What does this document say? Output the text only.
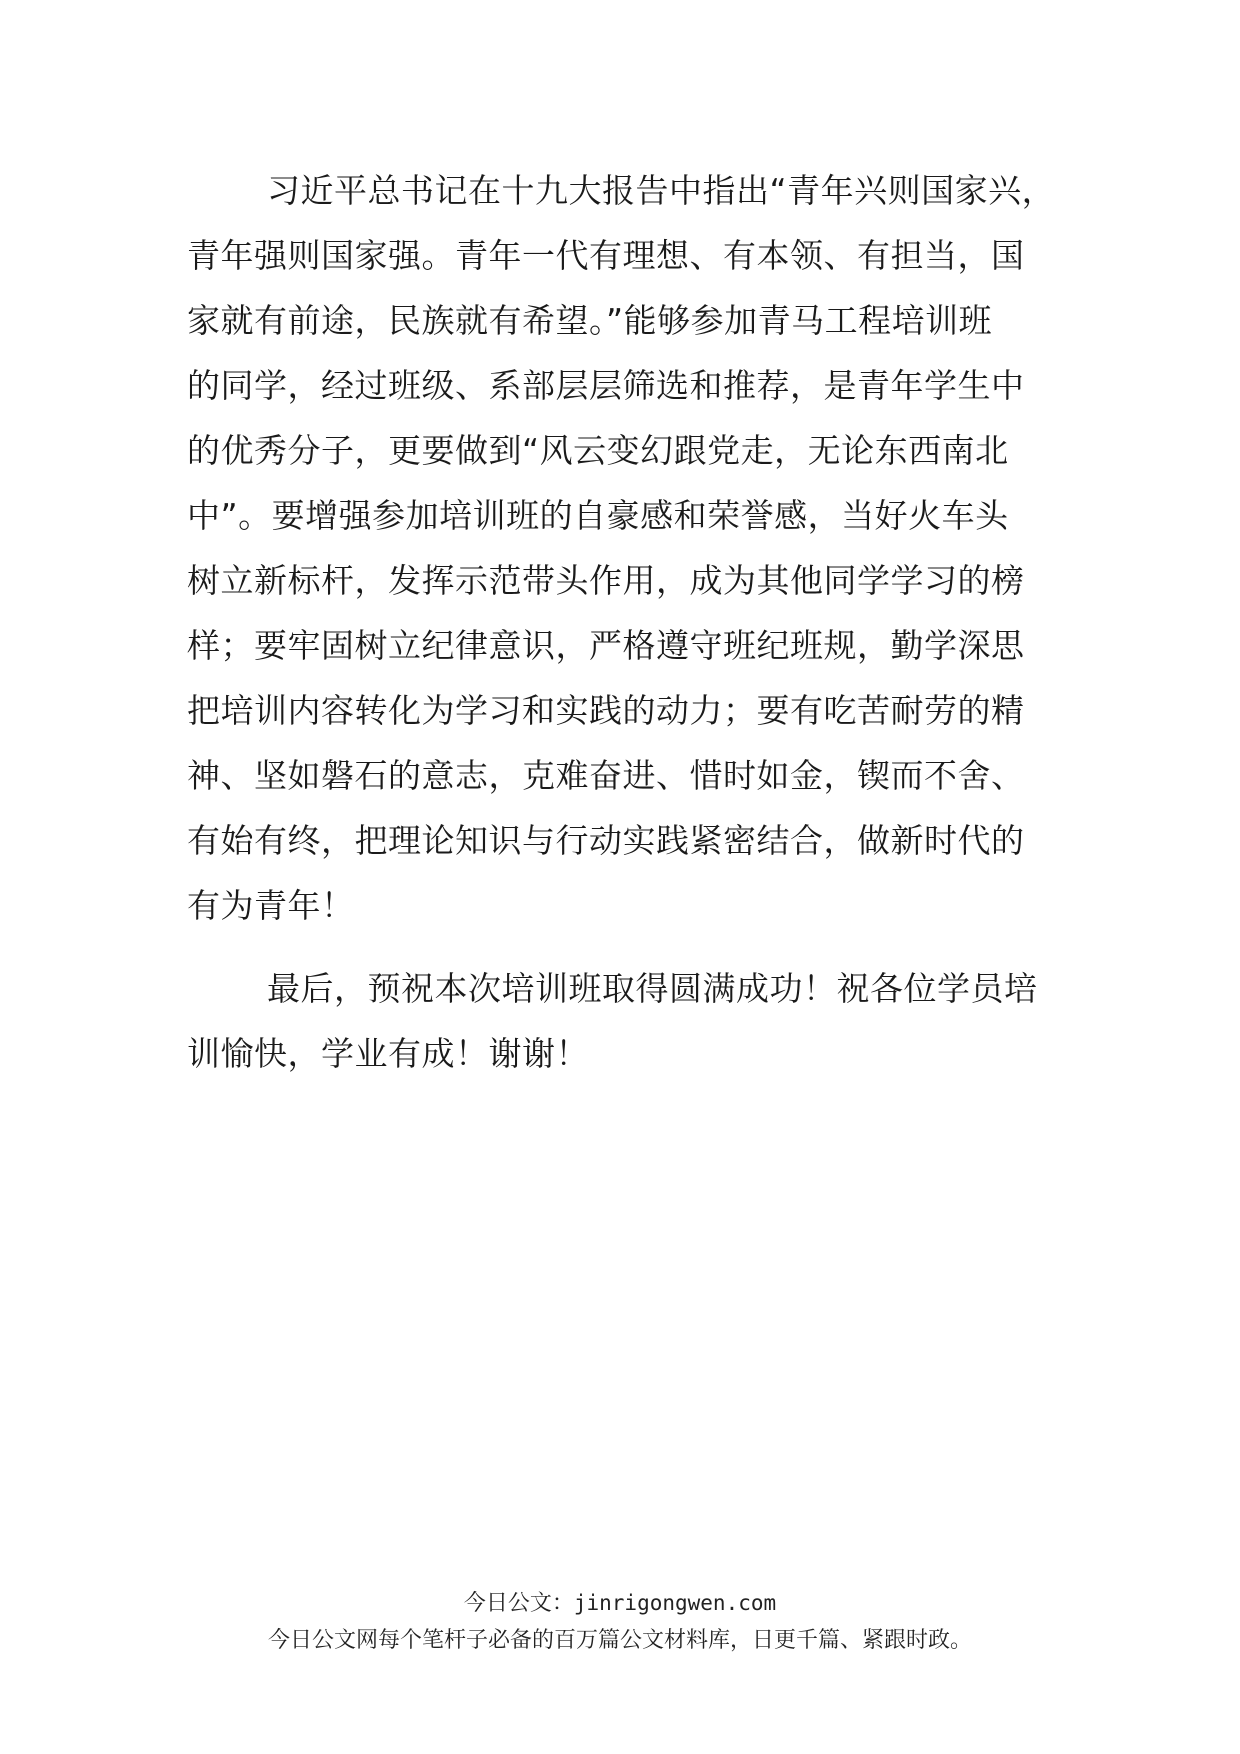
习近平总书记在十九大报告中指出“青年兴则国家兴，
青年强则国家强。青年一代有理想、有本领、有担当，国
家就有前途，民族就有希望。”能够参加青马工程培训班
的同学，经过班级、系部层层筛选和推荐，是青年学生中
的优秀分子，更要做到“风云变幻跟党走，无论东西南北
中”。要增强参加培训班的自豪感和荣誉感，当好火车头
树立新标杆，发挥示范带头作用，成为其他同学学习的榜
样；要牢固树立纪律意识，严格遵守班纪班规，勤学深思
把培训内容转化为学习和实践的动力；要有吃苦耐劳的精
神、坚如磐石的意志，克难奋进、惜时如金，锲而不舍、
有始有终，把理论知识与行动实践紧密结合，做新时代的
有为青年！

最后，预祝本次培训班取得圆满成功！祝各位学员培
训愉快，学业有成！谢谢！

今日公文：jinrigongwen.com
今日公文网每个笔杆子必备的百万篇公文材料库，日更千篇、紧跟时政。
